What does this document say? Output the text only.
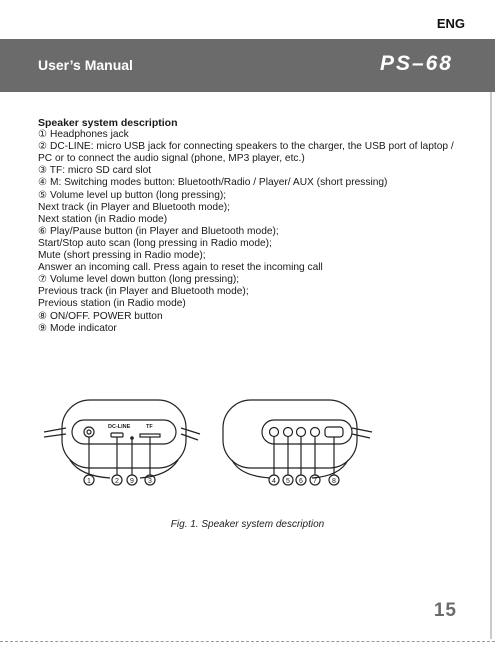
ENG
User’s Manual	PS–68
Speaker system description
① Headphones jack
② DC-LINE: micro USB jack for connecting speakers to the charger, the USB port of laptop / PC or to connect the audio signal (phone, MP3 player, etc.)
③ TF: micro SD card slot
④ M: Switching modes button: Bluetooth/Radio / Player/ AUX (short pressing)
⑤ Volume level up button (long pressing);
Next track (in Player and Bluetooth mode);
Next station (in Radio mode)
⑥ Play/Pause button (in Player and Bluetooth mode);
Start/Stop auto scan (long pressing in Radio mode);
Mute (short pressing in Radio mode);
Answer an incoming call. Press again to reset the incoming call
⑦ Volume level down button (long pressing);
Previous track (in Player and Bluetooth mode);
Previous station (in Radio mode)
⑧ ON/OFF. POWER button
⑨ Mode indicator
DC-LINE	TF
1	2 9 3	4 5 6 7 8
Fig. 1. Speaker system description
15
